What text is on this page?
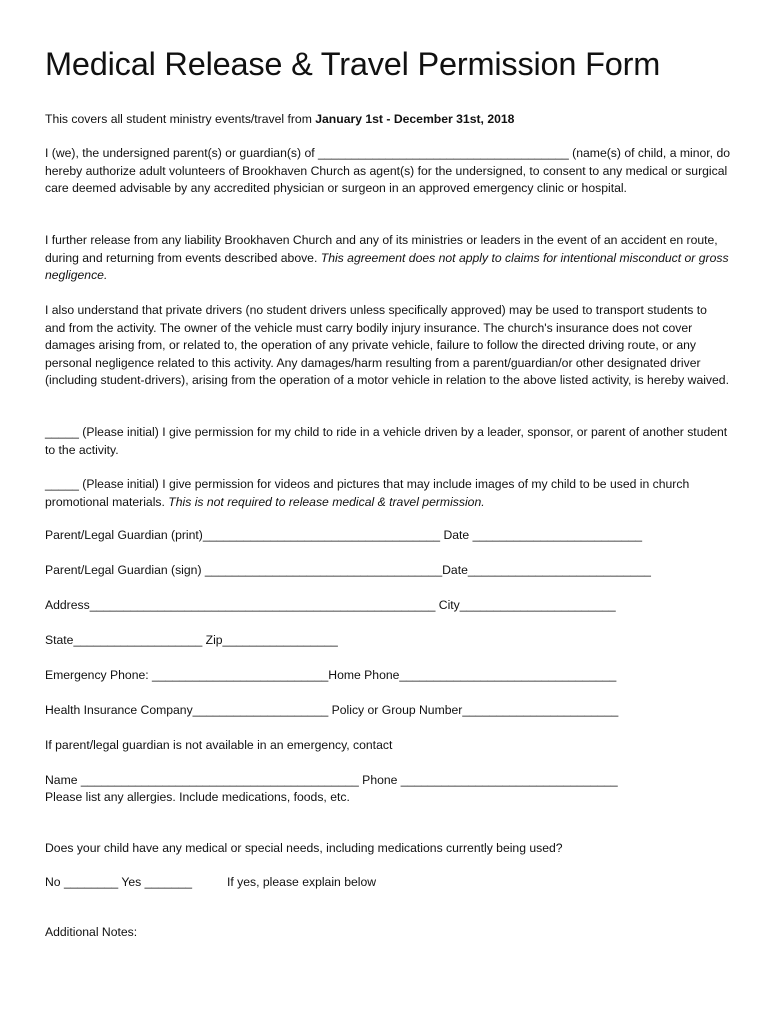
Medical Release & Travel Permission Form

This covers all student ministry events/travel from January 1st - December 31st, 2018

I (we), the undersigned parent(s) or guardian(s) of _____________________________________ (name(s) of child, a minor, do hereby authorize adult volunteers of Brookhaven Church as agent(s) for the undersigned, to consent to any medical or surgical care deemed advisable by any accredited physician or surgeon in an approved emergency clinic or hospital.

I further release from any liability Brookhaven Church and any of its ministries or leaders in the event of an accident en route, during and returning from events described above. This agreement does not apply to claims for intentional misconduct or gross negligence.

I also understand that private drivers (no student drivers unless specifically approved) may be used to transport students to and from the activity. The owner of the vehicle must carry bodily injury insurance. The church's insurance does not cover damages arising from, or related to, the operation of any private vehicle, failure to follow the directed driving route, or any personal negligence related to this activity. Any damages/harm resulting from a parent/guardian/or other designated driver (including student-drivers), arising from the operation of a motor vehicle in relation to the above listed activity, is hereby waived.

_____ (Please initial) I give permission for my child to ride in a vehicle driven by a leader, sponsor, or parent of another student to the activity.

_____ (Please initial) I give permission for videos and pictures that may include images of my child to be used in church promotional materials. This is not required to release medical & travel permission.

Parent/Legal Guardian (print)___________________________________ Date _________________________

Parent/Legal Guardian (sign) ___________________________________Date___________________________

Address___________________________________________________ City_______________________

State___________________ Zip_________________

Emergency Phone: __________________________Home Phone________________________________

Health Insurance Company____________________ Policy or Group Number_______________________

If parent/legal guardian is not available in an emergency, contact

Name _________________________________________ Phone ________________________________

Please list any allergies. Include medications, foods, etc.

Does your child have any medical or special needs, including medications currently being used?

No ________ Yes _______	If yes, please explain below

Additional Notes:
